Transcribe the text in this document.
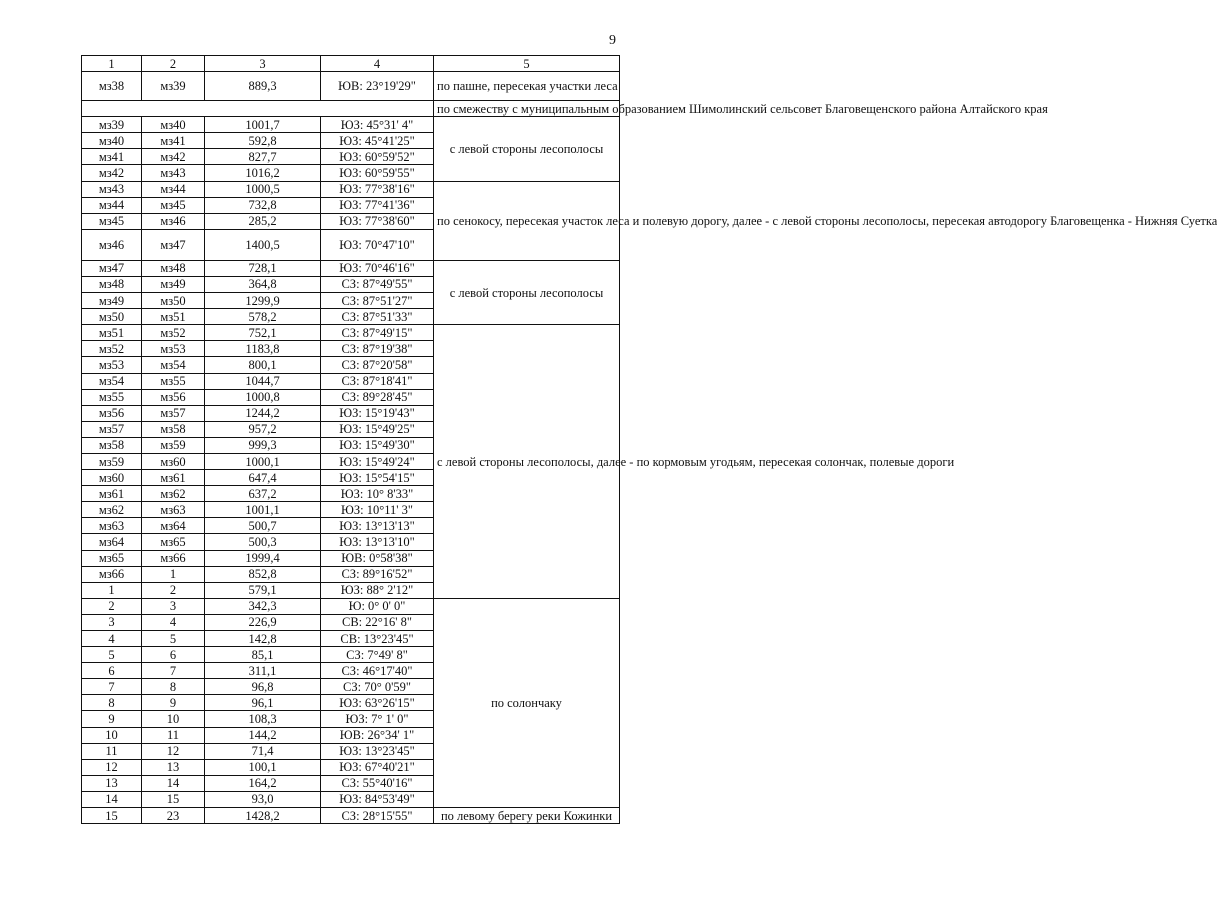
9
1	2	3	4	5
мз38	мз39	889,3	ЮВ: 23°19'29"	по пашне, пересекая участки леса
				по смежеству с муниципальным образованием Шимолинский сельсовет Благовещенского района Алтайского края
мз39	мз40	1001,7	ЮЗ: 45°31' 4"	с левой стороны лесополосы
мз40	мз41	592,8	ЮЗ: 45°41'25"	
мз41	мз42	827,7	ЮЗ: 60°59'52"	
мз42	мз43	1016,2	ЮЗ: 60°59'55"	
мз43	мз44	1000,5	ЮЗ: 77°38'16"	по сенокосу, пересекая участок леса и полевую дорогу, далее - с левой стороны лесополосы, пересекая автодорогу Благовещенка - Нижняя Суетка
мз44	мз45	732,8	ЮЗ: 77°41'36"	
мз45	мз46	285,2	ЮЗ: 77°38'60"	
мз46	мз47	1400,5	ЮЗ: 70°47'10"	
мз47	мз48	728,1	ЮЗ: 70°46'16"	с левой стороны лесополосы
мз48	мз49	364,8	СЗ: 87°49'55"	
мз49	мз50	1299,9	СЗ: 87°51'27"	
мз50	мз51	578,2	СЗ: 87°51'33"	
мз51	мз52	752,1	СЗ: 87°49'15"	с левой стороны лесополосы, далее - по кормовым угодьям, пересекая солончак, полевые дороги
мз52	мз53	1183,8	СЗ: 87°19'38"	
мз53	мз54	800,1	СЗ: 87°20'58"	
мз54	мз55	1044,7	СЗ: 87°18'41"	
мз55	мз56	1000,8	СЗ: 89°28'45"	
мз56	мз57	1244,2	ЮЗ: 15°19'43"	
мз57	мз58	957,2	ЮЗ: 15°49'25"	
мз58	мз59	999,3	ЮЗ: 15°49'30"	
мз59	мз60	1000,1	ЮЗ: 15°49'24"	
мз60	мз61	647,4	ЮЗ: 15°54'15"	
мз61	мз62	637,2	ЮЗ: 10° 8'33"	
мз62	мз63	1001,1	ЮЗ: 10°11' 3"	
мз63	мз64	500,7	ЮЗ: 13°13'13"	
мз64	мз65	500,3	ЮЗ: 13°13'10"	
мз65	мз66	1999,4	ЮВ: 0°58'38"	
мз66	1	852,8	СЗ: 89°16'52"	
1	2	579,1	ЮЗ: 88° 2'12"	
2	3	342,3	Ю: 0° 0' 0"	по солончаку
3	4	226,9	СВ: 22°16' 8"	
4	5	142,8	СВ: 13°23'45"	
5	6	85,1	СЗ: 7°49' 8"	
6	7	311,1	СЗ: 46°17'40"	
7	8	96,8	СЗ: 70° 0'59"	
8	9	96,1	ЮЗ: 63°26'15"	
9	10	108,3	ЮЗ: 7° 1' 0"	
10	11	144,2	ЮВ: 26°34' 1"	
11	12	71,4	ЮЗ: 13°23'45"	
12	13	100,1	ЮЗ: 67°40'21"	
13	14	164,2	СЗ: 55°40'16"	
14	15	93,0	ЮЗ: 84°53'49"	
15	23	1428,2	СЗ: 28°15'55"	по левому берегу реки Кожинки
